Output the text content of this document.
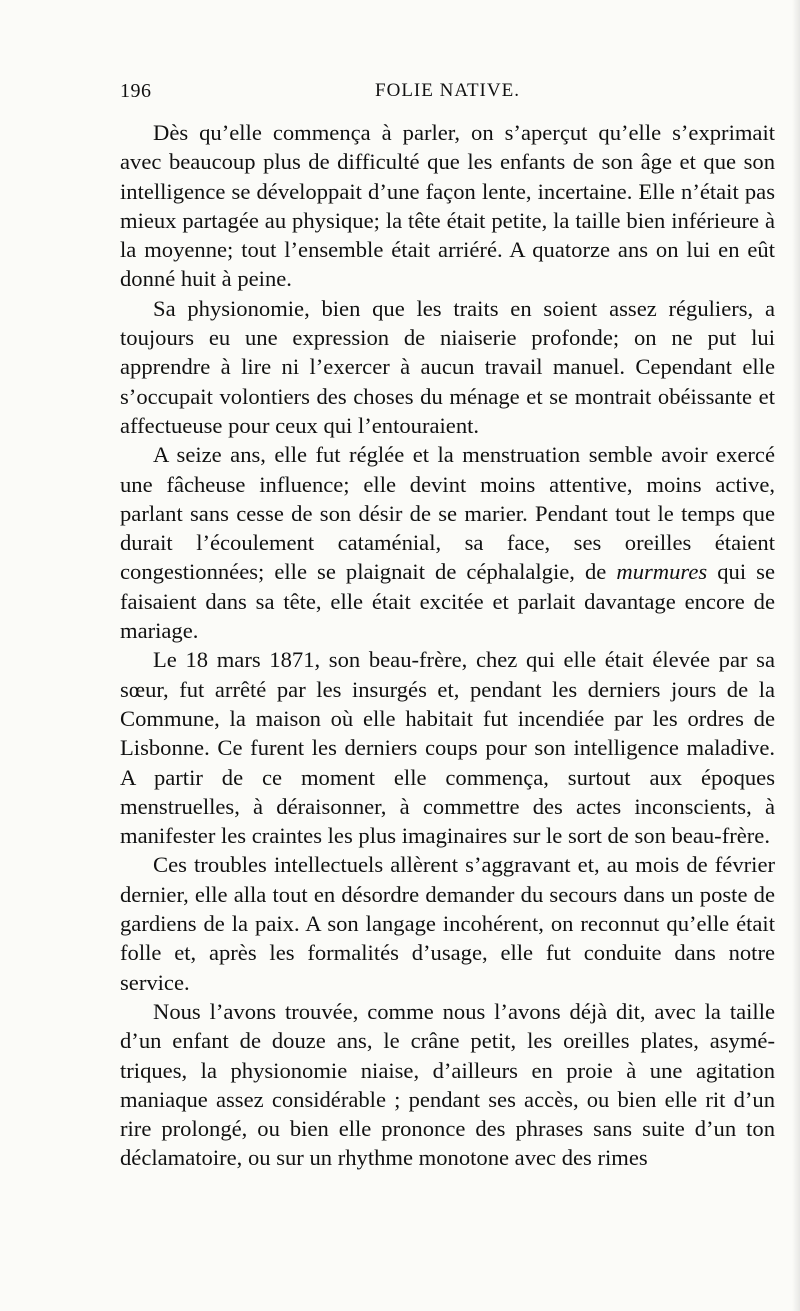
196	FOLIE NATIVE.

Dès qu’elle commença à parler, on s’aperçut qu’elle s’exprimait avec beaucoup plus de difficulté que les enfants de son âge et que son intelligence se développait d’une façon lente, incertaine. Elle n’était pas mieux partagée au physique; la tête était petite, la taille bien inférieure à la moyenne; tout l’ensemble était arriéré. A quatorze ans on lui en eût donné huit à peine.

Sa physionomie, bien que les traits en soient assez réguliers, a toujours eu une expression de niaiserie profonde; on ne put lui apprendre à lire ni l’exercer à aucun travail manuel. Cependant elle s’occupait volontiers des choses du ménage et se montrait obéissante et affectueuse pour ceux qui l’entouraient.

A seize ans, elle fut réglée et la menstruation semble avoir exercé une fâcheuse influence; elle devint moins attentive, moins active, parlant sans cesse de son désir de se marier. Pendant tout le temps que durait l’écoulement cataménial, sa face, ses oreilles étaient congestionnées; elle se plaignait de céphalalgie, de murmures qui se faisaient dans sa tête, elle était excitée et parlait davantage encore de mariage.

Le 18 mars 1871, son beau-frère, chez qui elle était élevée par sa sœur, fut arrêté par les insurgés et, pendant les derniers jours de la Commune, la maison où elle habitait fut incendiée par les ordres de Lisbonne. Ce furent les derniers coups pour son intelligence maladive. A partir de ce moment elle commença, surtout aux époques menstruelles, à déraisonner, à commettre des actes inconscients, à manifester les craintes les plus imaginaires sur le sort de son beau-frère.

Ces troubles intellectuels allèrent s’aggravant et, au mois de février dernier, elle alla tout en désordre demander du secours dans un poste de gardiens de la paix. A son langage incohérent, on reconnut qu’elle était folle et, après les formalités d’usage, elle fut conduite dans notre service.

Nous l’avons trouvée, comme nous l’avons déjà dit, avec la taille d’un enfant de douze ans, le crâne petit, les oreilles plates, asymétriques, la physionomie niaise, d’ailleurs en proie à une agitation maniaque assez considérable ; pendant ses accès, ou bien elle rit d’un rire prolongé, ou bien elle prononce des phrases sans suite d’un ton déclamatoire, ou sur un rhythme monotone avec des rimes
